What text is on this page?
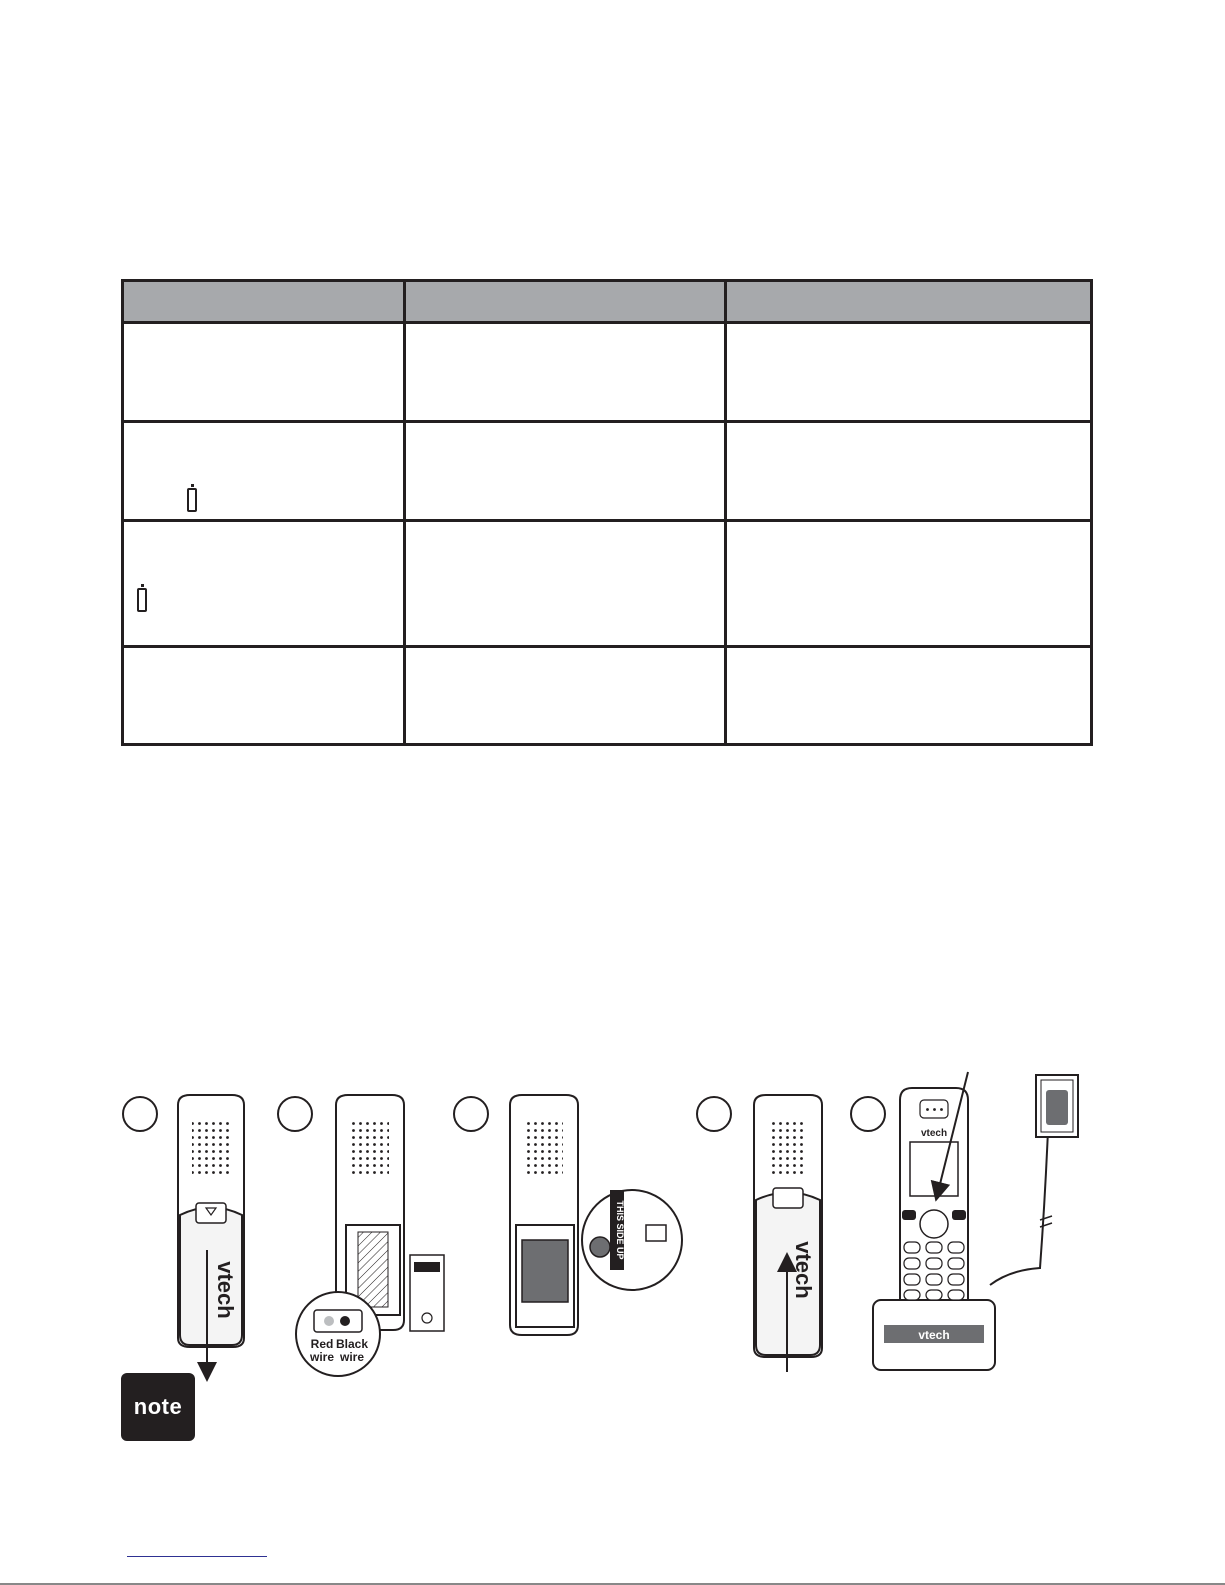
vtech
Red
wire
Black
wire
THIS SIDE UP
vtech
vtech
vtech
note
